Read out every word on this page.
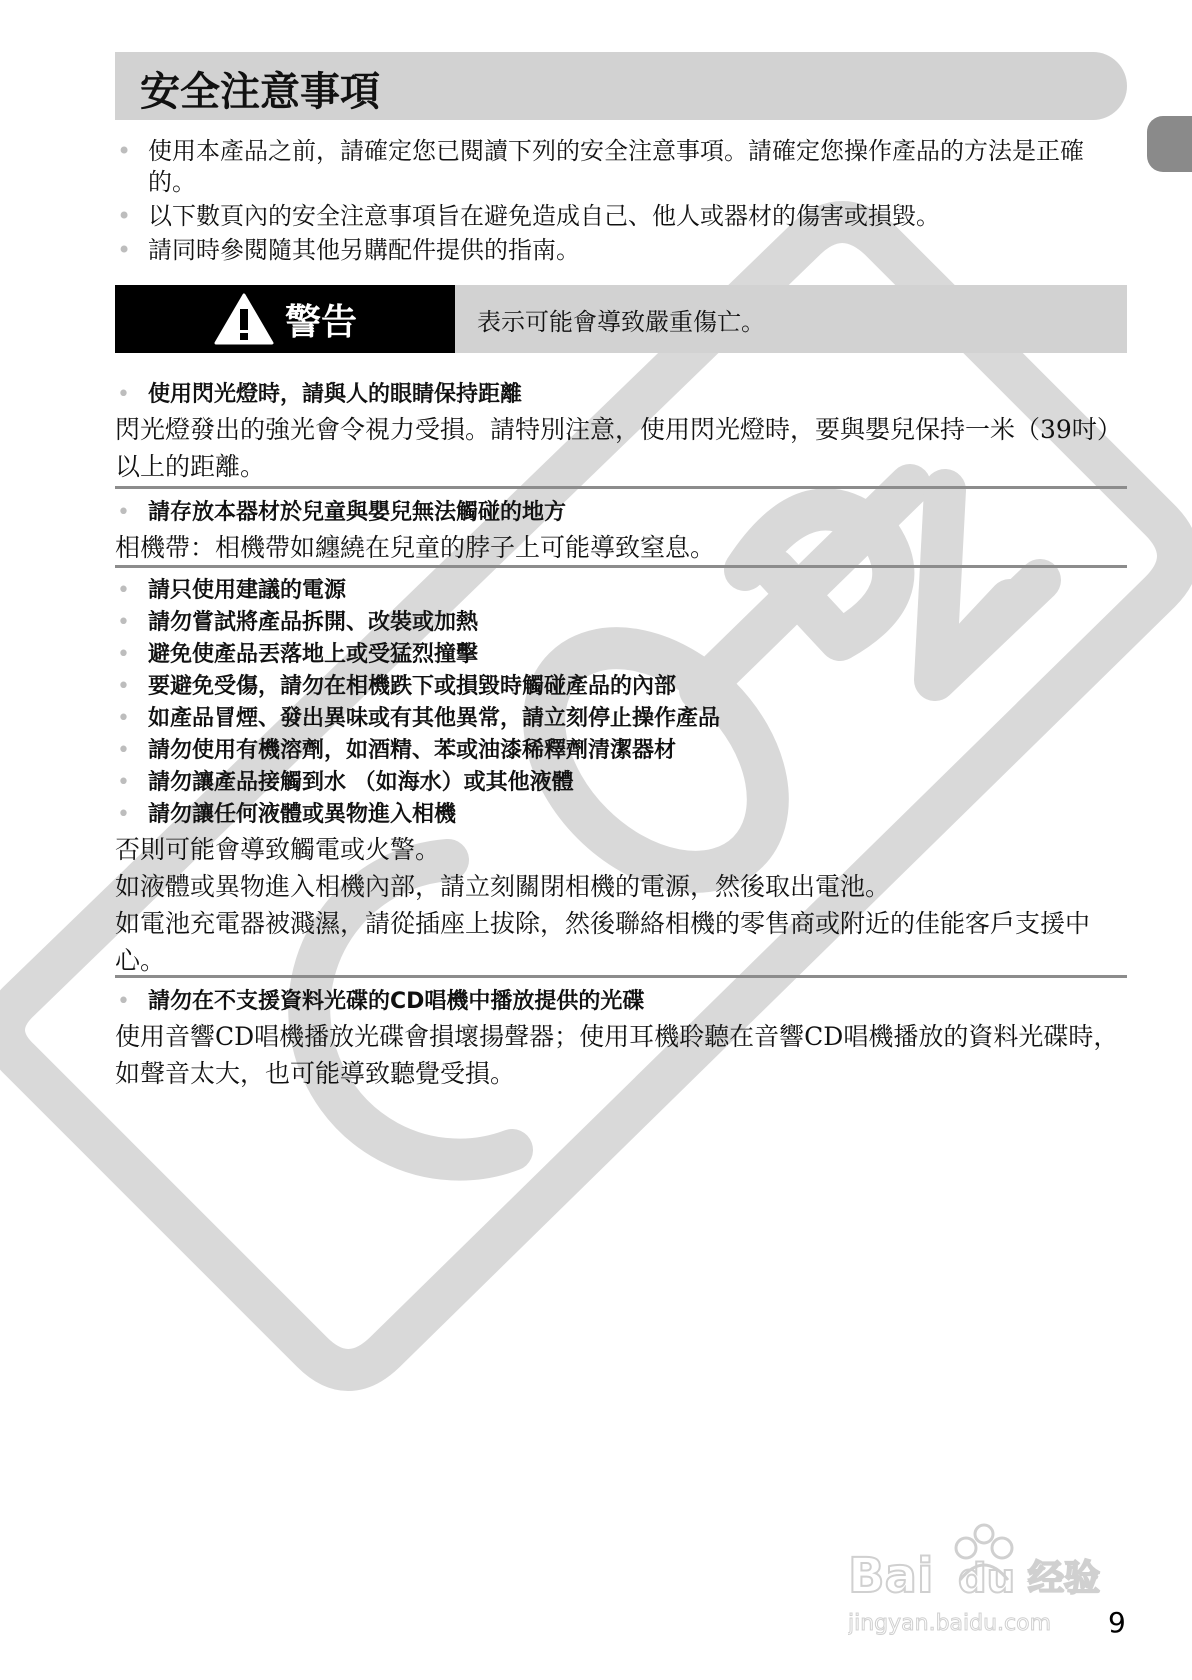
Bai du 经验
jingyan.baidu.com
安全注意事項
• 使用本產品之前，請確定您已閱讀下列的安全注意事項。請確定您操作產品的方法是正確的。
• 以下數頁內的安全注意事項旨在避免造成自己、他人或器材的傷害或損毀。
• 請同時參閱隨其他另購配件提供的指南。
警告	表示可能會導致嚴重傷亡。
• 使用閃光燈時，請與人的眼睛保持距離

閃光燈發出的強光會令視力受損。請特別注意，使用閃光燈時，要與嬰兒保持一米（39吋）以上的距離。

• 請存放本器材於兒童與嬰兒無法觸碰的地方

相機帶：相機帶如纏繞在兒童的脖子上可能導致窒息。

• 請只使用建議的電源
• 請勿嘗試將產品拆開、改裝或加熱
• 避免使產品丟落地上或受猛烈撞擊
• 要避免受傷，請勿在相機跌下或損毀時觸碰產品的內部
• 如產品冒煙、發出異味或有其他異常，請立刻停止操作產品
• 請勿使用有機溶劑，如酒精、苯或油漆稀釋劑清潔器材
• 請勿讓產品接觸到水 （如海水）或其他液體
• 請勿讓任何液體或異物進入相機

否則可能會導致觸電或火警。

如液體或異物進入相機內部，請立刻關閉相機的電源，然後取出電池。

如電池充電器被濺濕，請從插座上拔除，然後聯絡相機的零售商或附近的佳能客戶支援中心。

• 請勿在不支援資料光碟的CD唱機中播放提供的光碟

使用音響CD唱機播放光碟會損壞揚聲器；使用耳機聆聽在音響CD唱機播放的資料光碟時，如聲音太大，也可能導致聽覺受損。

9
